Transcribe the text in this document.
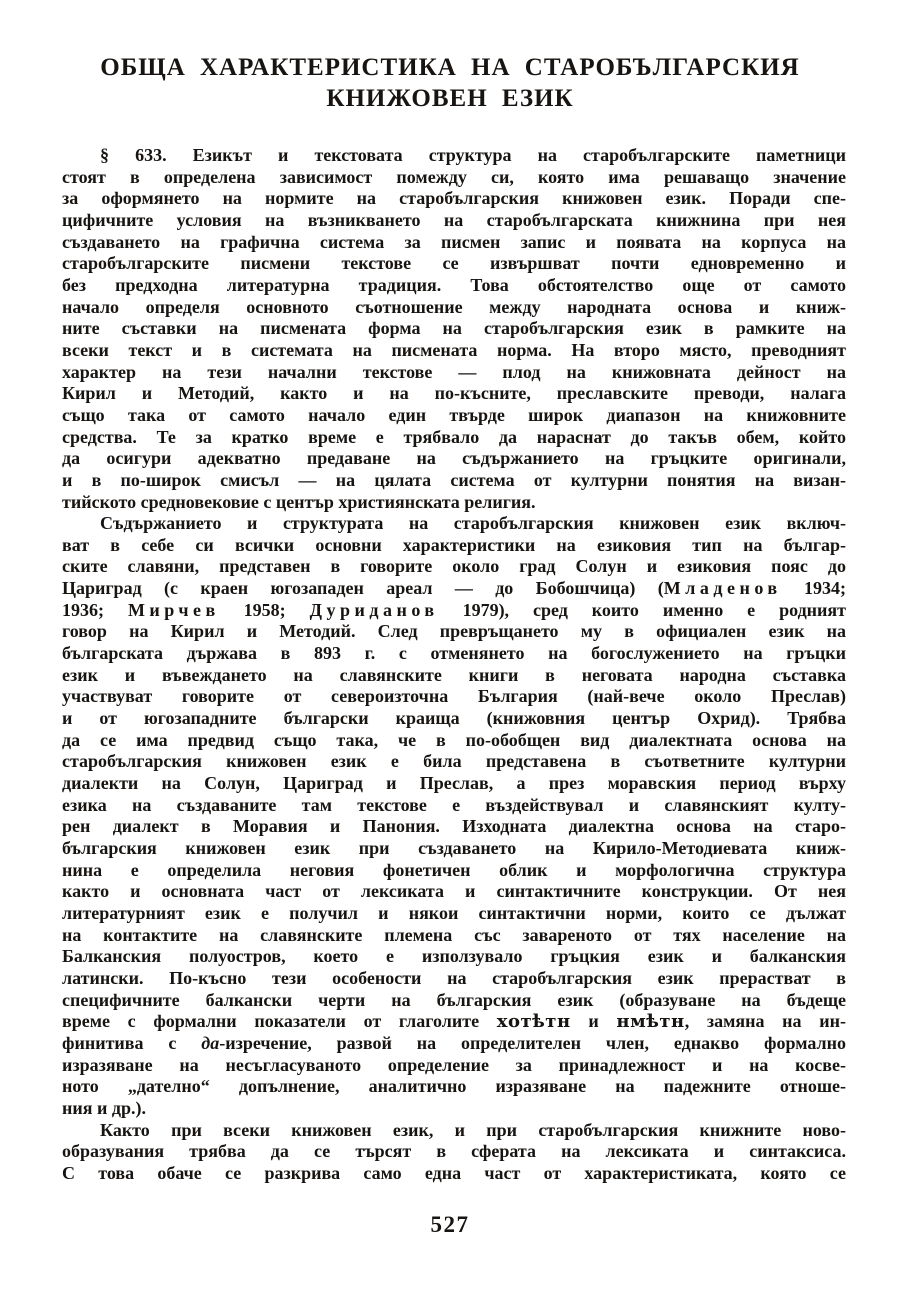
ОБЩА ХАРАКТЕРИСТИКА НА СТАРОБЪЛГАРСКИЯ
КНИЖОВЕН ЕЗИК
§ 633. Езикът и текстовата структура на старобългарските паметници
стоят в определена зависимост помежду си, която има решаващо значение
за оформянето на нормите на старобългарския книжовен език. Поради спе-
цифичните условия на възникването на старобългарската книжнина при нея
създаването на графична система за писмен запис и появата на корпуса на
старобългарските писмени текстове се извършват почти едновременно и
без предходна литературна традиция. Това обстоятелство още от самото
начало определя основното съотношение между народната основа и книж-
ните съставки на писмената форма на старобългарския език в рамките на
всеки текст и в системата на писмената норма. На второ място, преводният
характер на тези начални текстове — плод на книжовната дейност на
Кирил и Методий, както и на по-късните, преславските преводи, налага
също така от самото начало един твърде широк диапазон на книжовните
средства. Те за кратко време е трябвало да нараснат до такъв обем, който
да осигури адекватно предаване на съдържанието на гръцките оригинали,
и в по-широк смисъл — на цялата система от културни понятия на визан-
тийското средновековие с център християнската религия.
Съдържанието и структурата на старобългарския книжовен език включ-
ват в себе си всички основни характеристики на езиковия тип на българ-
ските славяни, представен в говорите около град Солун и езиковия пояс до
Цариград (с краен югозападен ареал — до Бобошчица) (Младенов 1934;
1936; Мирчев 1958; Дуриданов 1979), сред които именно е родният
говор на Кирил и Методий. След превръщането му в официален език на
българската държава в 893 г. с отменянето на богослужението на гръцки
език и въвеждането на славянските книги в неговата народна съставка
участвуват говорите от североизточна България (най-вече около Преслав)
и от югозападните български краища (книжовния център Охрид). Трябва
да се има предвид също така, че в по-обобщен вид диалектната основа на
старобългарския книжовен език е била представена в съответните културни
диалекти на Солун, Цариград и Преслав, а през моравския период върху
езика на създаваните там текстове е въздействувал и славянският култу-
рен диалект в Моравия и Панония. Изходната диалектна основа на старо-
българския книжовен език при създаването на Кирило-Методиевата книж-
нина е определила неговия фонетичен облик и морфологична структура
както и основната част от лексиката и синтактичните конструкции. От нея
литературният език е получил и някои синтактични норми, които се дължат
на контактите на славянските племена със завареното от тях население на
Балканския полуостров, което е използувало гръцкия език и балканския
латински. По-късно тези особености на старобългарския език прерастват в
специфичните балкански черти на българския език (образуване на бъдеще
време с формални показатели от глаголите хотѣтн и нмѣтн, замяна на ин-
финитива с да-изречение, развой на определителен член, еднакво формално
изразяване на несъгласуваното определение за принадлежност и на косве-
ното „дателно“ допълнение, аналитично изразяване на падежните отноше-
ния и др.).
Както при всеки книжовен език, и при старобългарския книжните ново-
образувания трябва да се търсят в сферата на лексиката и синтаксиса.
С това обаче се разкрива само една част от характеристиката, която се
527
